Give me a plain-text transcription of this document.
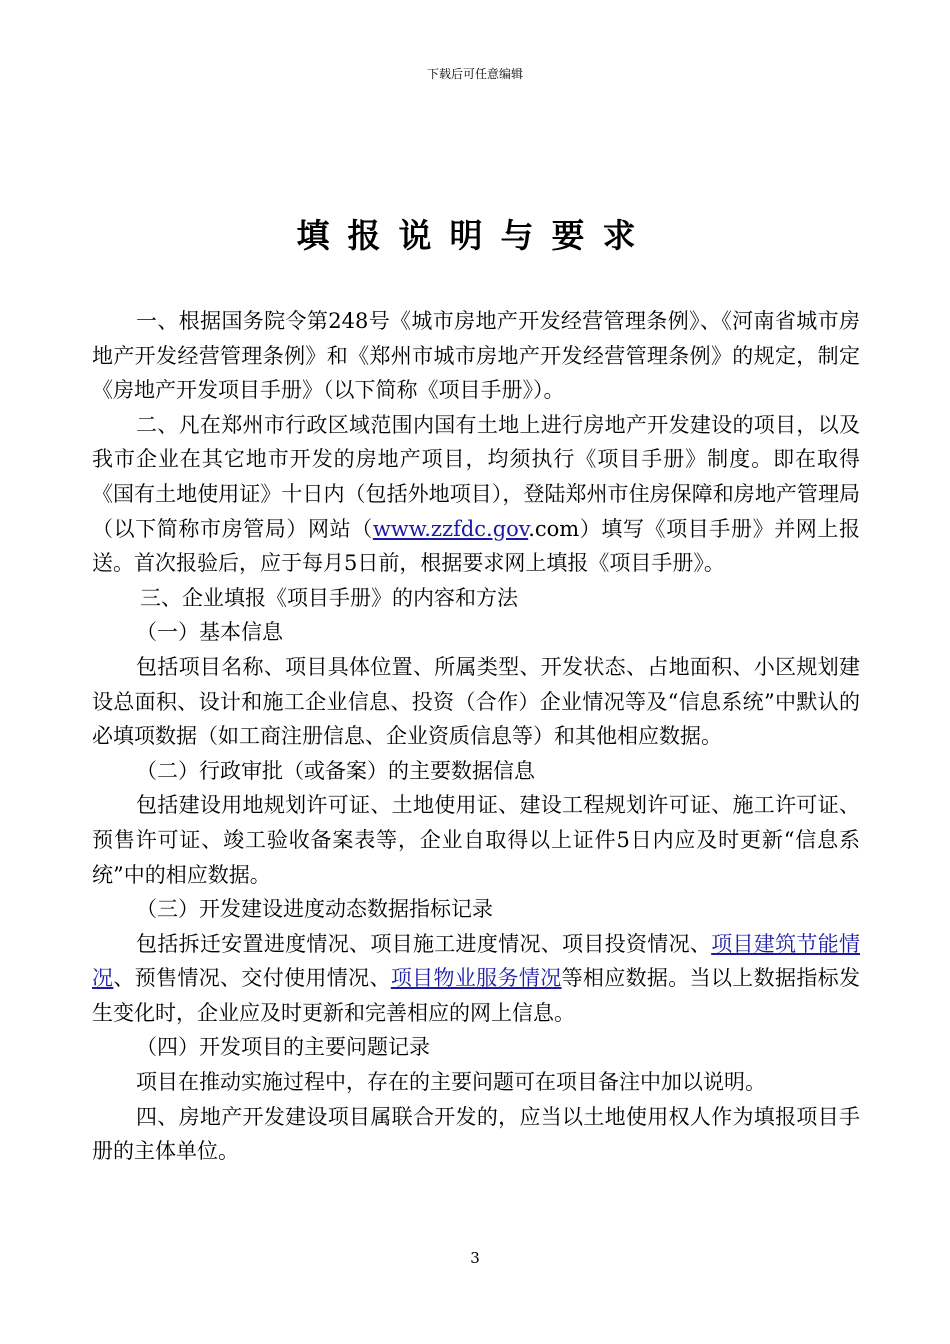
下载后可任意编辑
填报说明与要求

一、根据国务院令第248号《城市房地产开发经营管理条例》、《河南省城市房地产开发经营管理条例》和《郑州市城市房地产开发经营管理条例》的规定，制定《房地产开发项目手册》（以下简称《项目手册》）。

二、凡在郑州市行政区域范围内国有土地上进行房地产开发建设的项目，以及我市企业在其它地市开发的房地产项目，均须执行《项目手册》制度。即在取得《国有土地使用证》十日内（包括外地项目），登陆郑州市住房保障和房地产管理局（以下简称市房管局）网站（www.zzfdc.gov.com）填写《项目手册》并网上报送。首次报验后，应于每月5日前，根据要求网上填报《项目手册》。

三、企业填报《项目手册》的内容和方法

（一）基本信息

包括项目名称、项目具体位置、所属类型、开发状态、占地面积、小区规划建设总面积、设计和施工企业信息、投资（合作）企业情况等及“信息系统”中默认的必填项数据（如工商注册信息、企业资质信息等）和其他相应数据。

（二）行政审批（或备案）的主要数据信息

包括建设用地规划许可证、土地使用证、建设工程规划许可证、施工许可证、预售许可证、竣工验收备案表等，企业自取得以上证件5日内应及时更新“信息系统”中的相应数据。

（三）开发建设进度动态数据指标记录

包括拆迁安置进度情况、项目施工进度情况、项目投资情况、项目建筑节能情况、预售情况、交付使用情况、项目物业服务情况等相应数据。当以上数据指标发生变化时，企业应及时更新和完善相应的网上信息。

（四）开发项目的主要问题记录

项目在推动实施过程中，存在的主要问题可在项目备注中加以说明。

四、房地产开发建设项目属联合开发的，应当以土地使用权人作为填报项目手册的主体单位。

3
